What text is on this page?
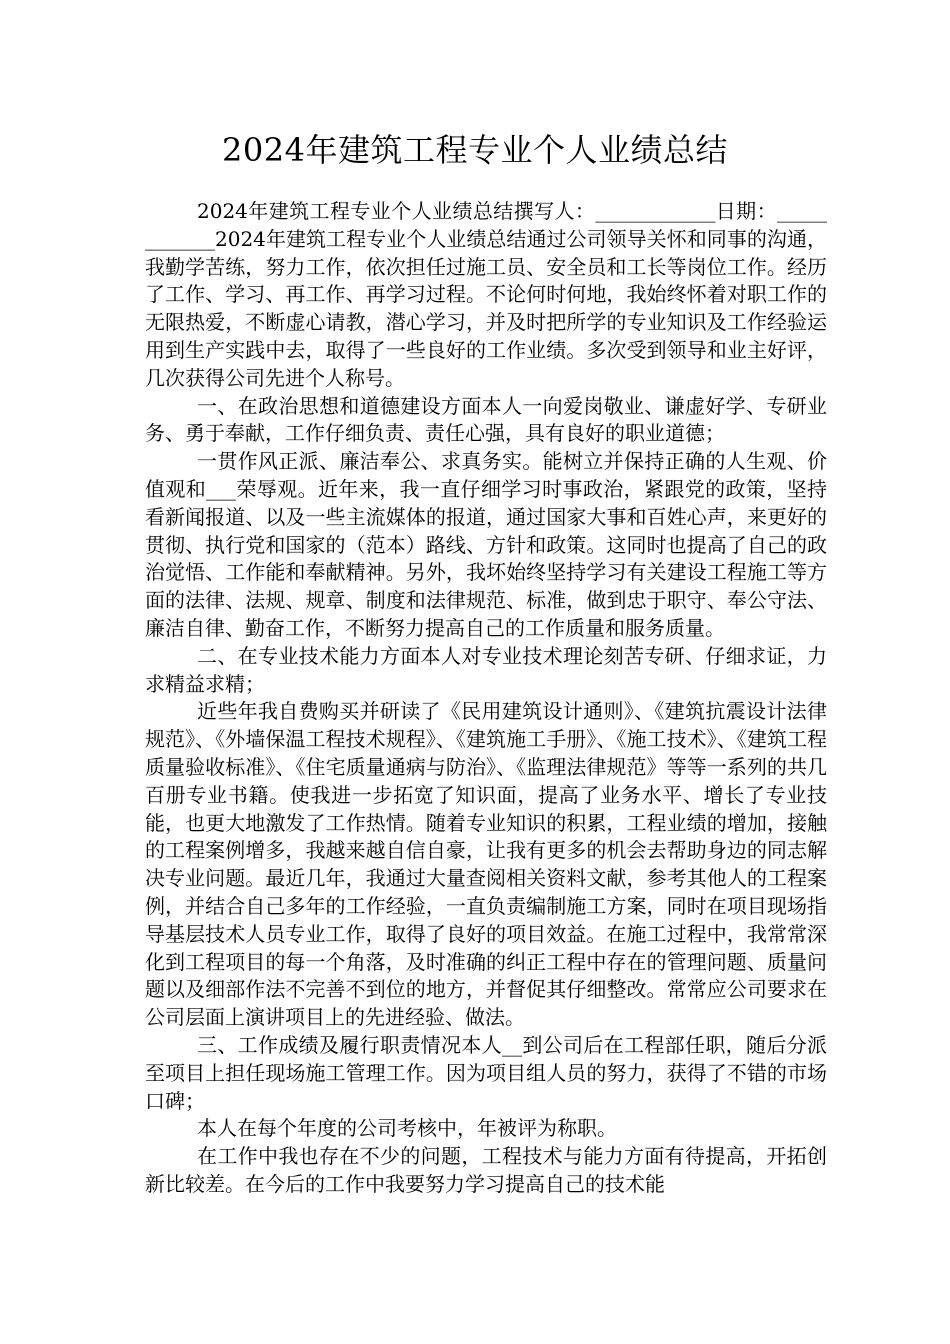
2024年建筑工程专业个人业绩总结

2024年建筑工程专业个人业绩总结撰写人：____________日期：____________2024年建筑工程专业个人业绩总结通过公司领导关怀和同事的沟通，我勤学苦练，努力工作，依次担任过施工员、安全员和工长等岗位工作。经历了工作、学习、再工作、再学习过程。不论何时何地，我始终怀着对职工作的无限热爱，不断虚心请教，潜心学习，并及时把所学的专业知识及工作经验运用到生产实践中去，取得了一些良好的工作业绩。多次受到领导和业主好评，几次获得公司先进个人称号。

一、在政治思想和道德建设方面本人一向爱岗敬业、谦虚好学、专研业务、勇于奉献，工作仔细负责、责任心强，具有良好的职业道德；

一贯作风正派、廉洁奉公、求真务实。能树立并保持正确的人生观、价值观和___荣辱观。近年来，我一直仔细学习时事政治，紧跟党的政策，坚持看新闻报道、以及一些主流媒体的报道，通过国家大事和百姓心声，来更好的贯彻、执行党和国家的（范本）路线、方针和政策。这同时也提高了自己的政治觉悟、工作能和奉献精神。另外，我坏始终坚持学习有关建设工程施工等方面的法律、法规、规章、制度和法律规范、标准，做到忠于职守、奉公守法、廉洁自律、勤奋工作，不断努力提高自己的工作质量和服务质量。

二、在专业技术能力方面本人对专业技术理论刻苦专研、仔细求证，力求精益求精；

近些年我自费购买并研读了《民用建筑设计通则》、《建筑抗震设计法律规范》、《外墙保温工程技术规程》、《建筑施工手册》、《施工技术》、《建筑工程质量验收标准》、《住宅质量通病与防治》、《监理法律规范》等等一系列的共几百册专业书籍。使我进一步拓宽了知识面，提高了业务水平、增长了专业技能，也更大地激发了工作热情。随着专业知识的积累，工程业绩的增加，接触的工程案例增多，我越来越自信自豪，让我有更多的机会去帮助身边的同志解决专业问题。最近几年，我通过大量查阅相关资料文献，参考其他人的工程案例，并结合自己多年的工作经验，一直负责编制施工方案，同时在项目现场指导基层技术人员专业工作，取得了良好的项目效益。在施工过程中，我常常深化到工程项目的每一个角落，及时准确的纠正工程中存在的管理问题、质量问题以及细部作法不完善不到位的地方，并督促其仔细整改。常常应公司要求在公司层面上演讲项目上的先进经验、做法。

三、工作成绩及履行职责情况本人__到公司后在工程部任职，随后分派至项目上担任现场施工管理工作。因为项目组人员的努力，获得了不错的市场口碑；

本人在每个年度的公司考核中，年被评为称职。

在工作中我也存在不少的问题，工程技术与能力方面有待提高，开拓创新比较差。在今后的工作中我要努力学习提高自己的技术能
